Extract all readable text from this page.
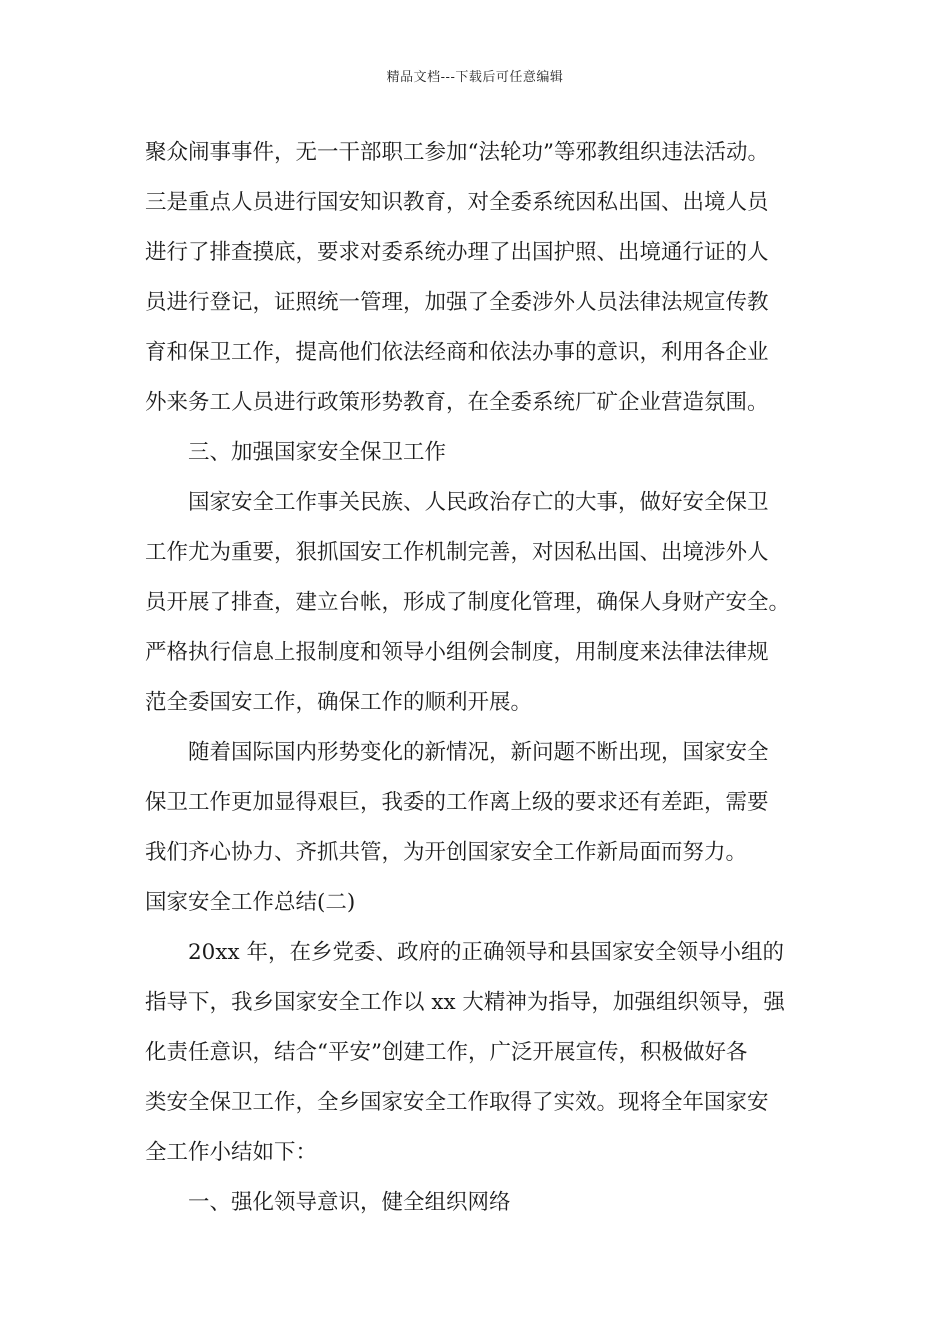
精品文档---下载后可任意编辑
聚众闹事事件，无一干部职工参加“法轮功”等邪教组织违法活动。
三是重点人员进行国安知识教育，对全委系统因私出国、出境人员
进行了排查摸底，要求对委系统办理了出国护照、出境通行证的人
员进行登记，证照统一管理，加强了全委涉外人员法律法规宣传教
育和保卫工作，提高他们依法经商和依法办事的意识，利用各企业
外来务工人员进行政策形势教育，在全委系统厂矿企业营造氛围。
三、加强国家安全保卫工作
国家安全工作事关民族、人民政治存亡的大事，做好安全保卫
工作尤为重要，狠抓国安工作机制完善，对因私出国、出境涉外人
员开展了排查，建立台帐，形成了制度化管理，确保人身财产安全。
严格执行信息上报制度和领导小组例会制度，用制度来法律法律规
范全委国安工作，确保工作的顺利开展。
随着国际国内形势变化的新情况，新问题不断出现，国家安全
保卫工作更加显得艰巨，我委的工作离上级的要求还有差距，需要
我们齐心协力、齐抓共管，为开创国家安全工作新局面而努力。
国家安全工作总结(二)
20xx 年，在乡党委、政府的正确领导和县国家安全领导小组的
指导下，我乡国家安全工作以 xx 大精神为指导，加强组织领导，强
化责任意识，结合“平安”创建工作，广泛开展宣传，积极做好各
类安全保卫工作，全乡国家安全工作取得了实效。现将全年国家安
全工作小结如下：
一、强化领导意识，健全组织网络
